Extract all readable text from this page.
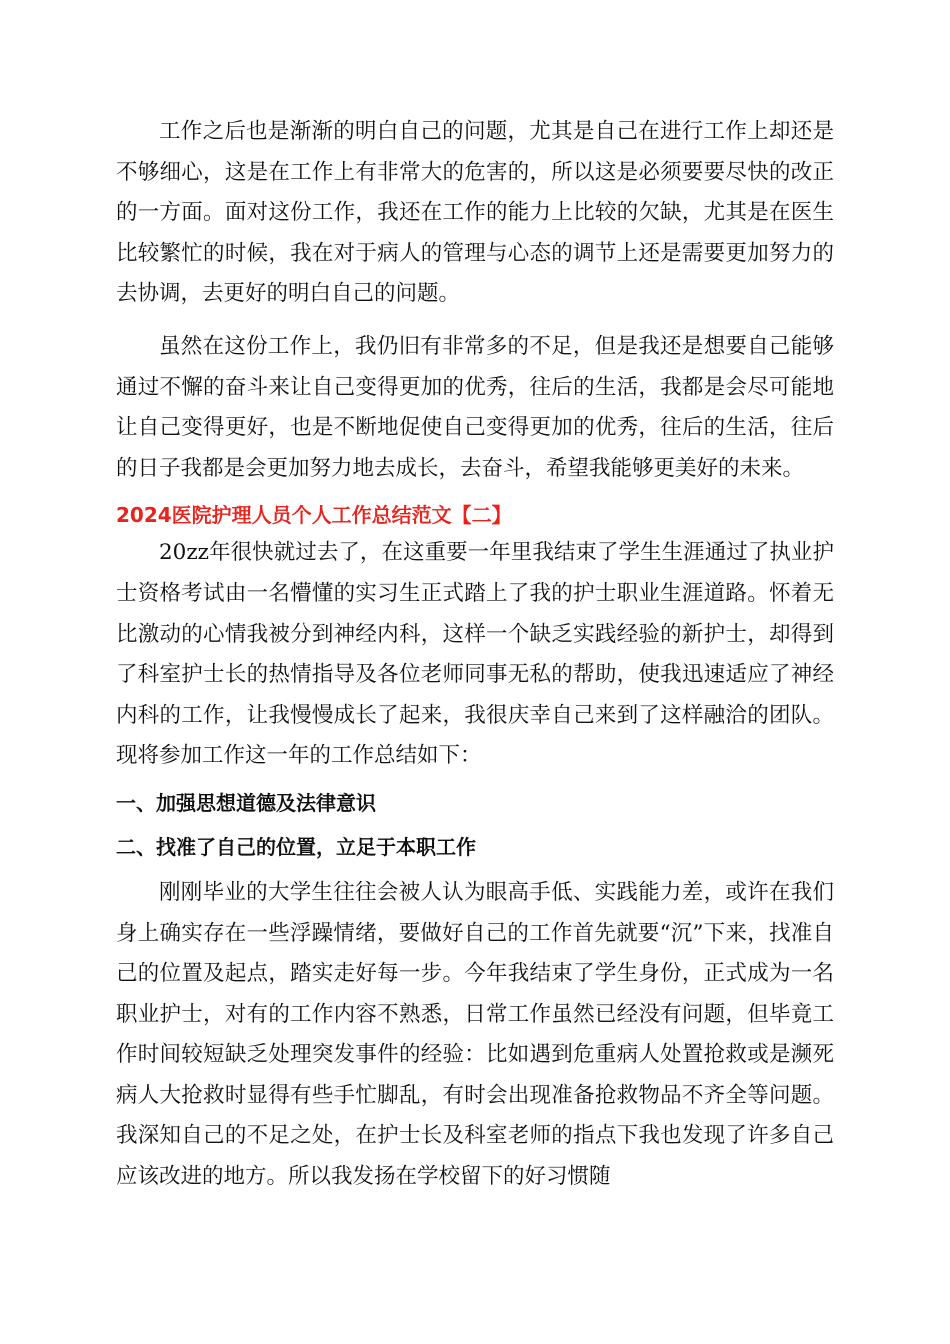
工作之后也是渐渐的明白自己的问题，尤其是自己在进行工作上却还是不够细心，这是在工作上有非常大的危害的，所以这是必须要要尽快的改正的一方面。面对这份工作，我还在工作的能力上比较的欠缺，尤其是在医生比较繁忙的时候，我在对于病人的管理与心态的调节上还是需要更加努力的去协调，去更好的明白自己的问题。

虽然在这份工作上，我仍旧有非常多的不足，但是我还是想要自己能够通过不懈的奋斗来让自己变得更加的优秀，往后的生活，我都是会尽可能地让自己变得更好，也是不断地促使自己变得更加的优秀，往后的生活，往后的日子我都是会更加努力地去成长，去奋斗，希望我能够更美好的未来。

2024医院护理人员个人工作总结范文【二】

20zz年很快就过去了，在这重要一年里我结束了学生生涯通过了执业护士资格考试由一名懵懂的实习生正式踏上了我的护士职业生涯道路。怀着无比激动的心情我被分到神经内科，这样一个缺乏实践经验的新护士，却得到了科室护士长的热情指导及各位老师同事无私的帮助，使我迅速适应了神经内科的工作，让我慢慢成长了起来，我很庆幸自己来到了这样融洽的团队。现将参加工作这一年的工作总结如下：

一、加强思想道德及法律意识
二、找准了自己的位置，立足于本职工作

刚刚毕业的大学生往往会被人认为眼高手低、实践能力差，或许在我们身上确实存在一些浮躁情绪，要做好自己的工作首先就要“沉”下来，找准自己的位置及起点，踏实走好每一步。今年我结束了学生身份，正式成为一名职业护士，对有的工作内容不熟悉，日常工作虽然已经没有问题，但毕竟工作时间较短缺乏处理突发事件的经验：比如遇到危重病人处置抢救或是濒死病人大抢救时显得有些手忙脚乱，有时会出现准备抢救物品不齐全等问题。我深知自己的不足之处，在护士长及科室老师的指点下我也发现了许多自己应该改进的地方。所以我发扬在学校留下的好习惯随
